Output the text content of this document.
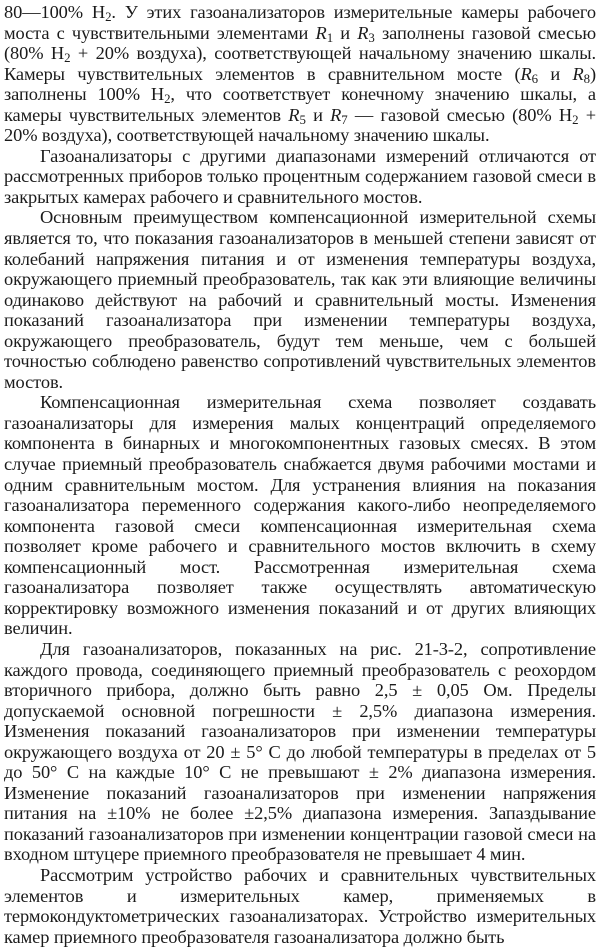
80—100% $H_2$. У этих газоанализаторов измерительные камеры рабочего моста с чувствительными элементами $R_1$ и $R_3$ заполнены газовой смесью (80% $H_2 + 20\%$ воздуха), соответствующей начальному значению шкалы. Камеры чувствительных элементов в сравнительном мосте ($R_6$ и $R_8$) заполнены 100% $H_2$, что соответствует конечному значению шкалы, а камеры чувствительных элементов $R_5$ и $R_7$ — газовой смесью (80% $H_2 + 20\%$ воздуха), соответствующей начальному значению шкалы.

Газоанализаторы с другими диапазонами измерений отличаются от рассмотренных приборов только процентным содержанием газовой смеси в закрытых камерах рабочего и сравнительного мостов.

Основным преимуществом компенсационной измерительной схемы является то, что показания газоанализаторов в меньшей степени зависят от колебаний напряжения питания и от изменения температуры воздуха, окружающего приемный преобразователь, так как эти влияющие величины одинаково действуют на рабочий и сравнительный мосты. Изменения показаний газоанализатора при изменении температуры воздуха, окружающего преобразователь, будут тем меньше, чем с большей точностью соблюдено равенство сопротивлений чувствительных элементов мостов.

Компенсационная измерительная схема позволяет создавать газоанализаторы для измерения малых концентраций определяемого компонента в бинарных и многокомпонентных газовых смесях. В этом случае приемный преобразователь снабжается двумя рабочими мостами и одним сравнительным мостом. Для устранения влияния на показания газоанализатора переменного содержания какого-либо неопределяемого компонента газовой смеси компенсационная измерительная схема позволяет кроме рабочего и сравнительного мостов включить в схему компенсационный мост. Рассмотренная измерительная схема газоанализатора позволяет также осуществлять автоматическую корректировку возможного изменения показаний и от других влияющих величин.

Для газоанализаторов, показанных на рис. 21-3-2, сопротивление каждого провода, соединяющего приемный преобразователь с реохордом вторичного прибора, должно быть равно 2,5 ± 0,05 Ом. Пределы допускаемой основной погрешности ± 2,5% диапазона измерения. Изменения показаний газоанализаторов при изменении температуры окружающего воздуха от 20 ± 5° C до любой температуры в пределах от 5 до 50° C на каждые 10° C не превышают ± 2% диапазона измерения. Изменение показаний газоанализаторов при изменении напряжения питания на ±10% не более ±2,5% диапазона измерения. Запаздывание показаний газоанализаторов при изменении концентрации газовой смеси на входном штуцере приемного преобразователя не превышает 4 мин.

Рассмотрим устройство рабочих и сравнительных чувствительных элементов и измерительных камер, применяемых в термокондуктометрических газоанализаторах. Устройство измерительных камер приемного преобразователя газоанализатора должно быть
